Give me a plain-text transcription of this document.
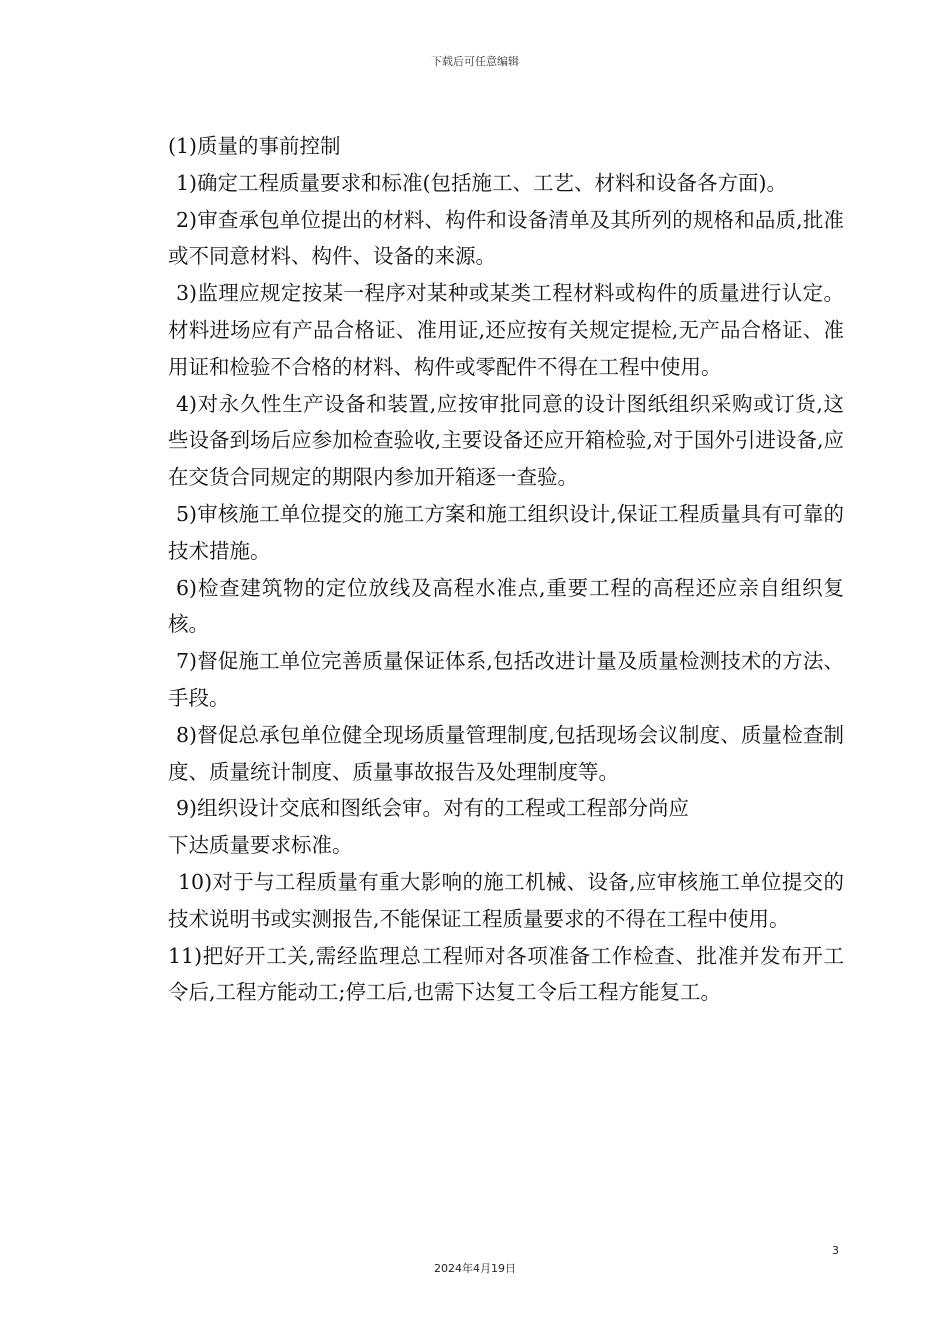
下载后可任意编辑

(1)质量的事前控制

1)确定工程质量要求和标准(包括施工、工艺、材料和设备各方面)。

2)审查承包单位提出的材料、构件和设备清单及其所列的规格和品质,批准或不同意材料、构件、设备的来源。

3)监理应规定按某一程序对某种或某类工程材料或构件的质量进行认定。材料进场应有产品合格证、准用证,还应按有关规定提检,无产品合格证、准用证和检验不合格的材料、构件或零配件不得在工程中使用。

4)对永久性生产设备和装置,应按审批同意的设计图纸组织采购或订货,这些设备到场后应参加检查验收,主要设备还应开箱检验,对于国外引进设备,应在交货合同规定的期限内参加开箱逐一查验。

5)审核施工单位提交的施工方案和施工组织设计,保证工程质量具有可靠的技术措施。

6)检查建筑物的定位放线及高程水准点,重要工程的高程还应亲自组织复核。

7)督促施工单位完善质量保证体系,包括改进计量及质量检测技术的方法、手段。

8)督促总承包单位健全现场质量管理制度,包括现场会议制度、质量检查制度、质量统计制度、质量事故报告及处理制度等。

9)组织设计交底和图纸会审。对有的工程或工程部分尚应

下达质量要求标准。

10)对于与工程质量有重大影响的施工机械、设备,应审核施工单位提交的技术说明书或实测报告,不能保证工程质量要求的不得在工程中使用。

11)把好开工关,需经监理总工程师对各项准备工作检查、批准并发布开工令后,工程方能动工;停工后,也需下达复工令后工程方能复工。

3
2024年4月19日
